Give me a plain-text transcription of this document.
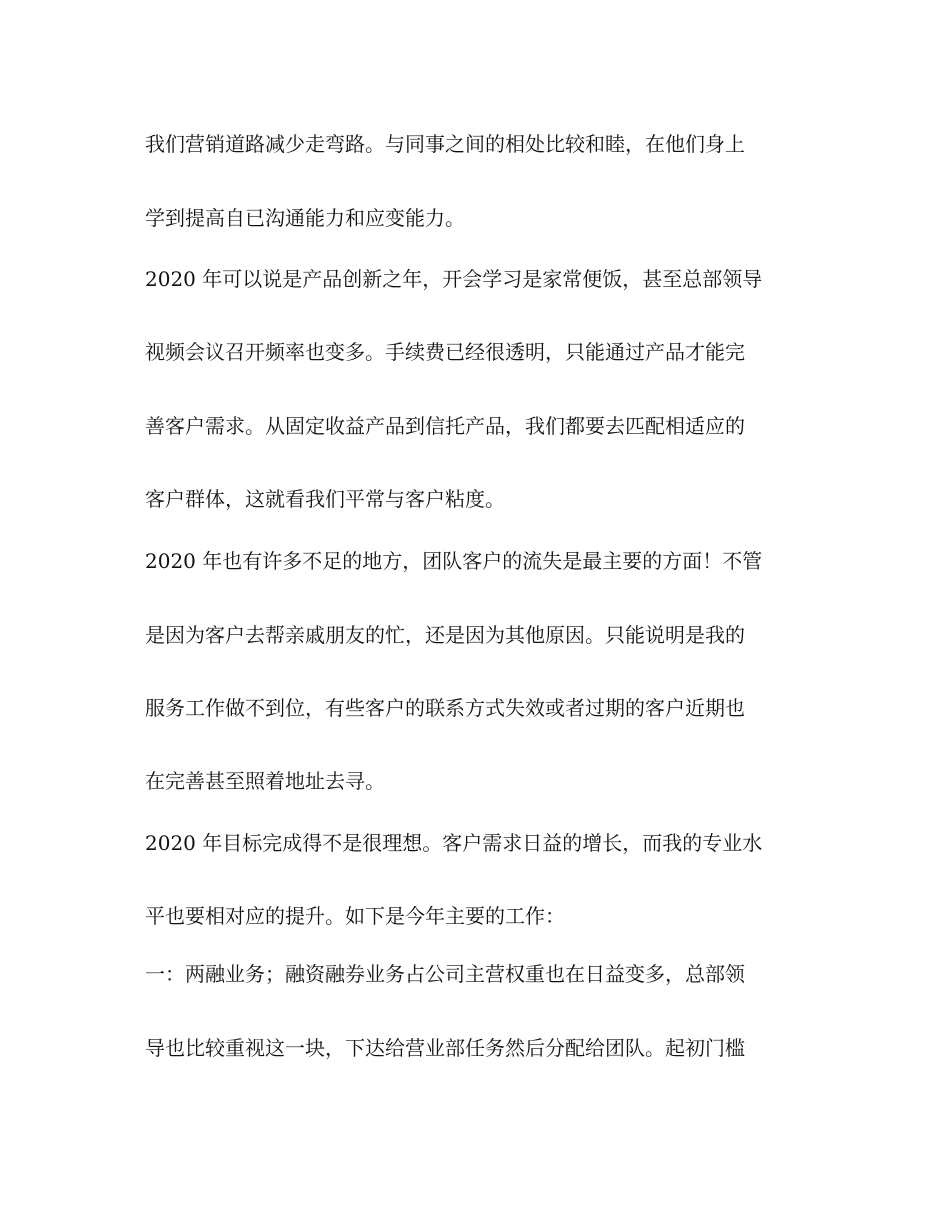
我们营销道路减少走弯路。与同事之间的相处比较和睦，在他们身上
学到提高自已沟通能力和应变能力。
2020 年可以说是产品创新之年，开会学习是家常便饭，甚至总部领导
视频会议召开频率也变多。手续费已经很透明，只能通过产品才能完
善客户需求。从固定收益产品到信托产品，我们都要去匹配相适应的
客户群体，这就看我们平常与客户粘度。
2020 年也有许多不足的地方，团队客户的流失是最主要的方面！不管
是因为客户去帮亲戚朋友的忙，还是因为其他原因。只能说明是我的
服务工作做不到位，有些客户的联系方式失效或者过期的客户近期也
在完善甚至照着地址去寻。
2020 年目标完成得不是很理想。客户需求日益的增长，而我的专业水
平也要相对应的提升。如下是今年主要的工作：
一：两融业务；融资融券业务占公司主营权重也在日益变多，总部领
导也比较重视这一块，下达给营业部任务然后分配给团队。起初门槛
